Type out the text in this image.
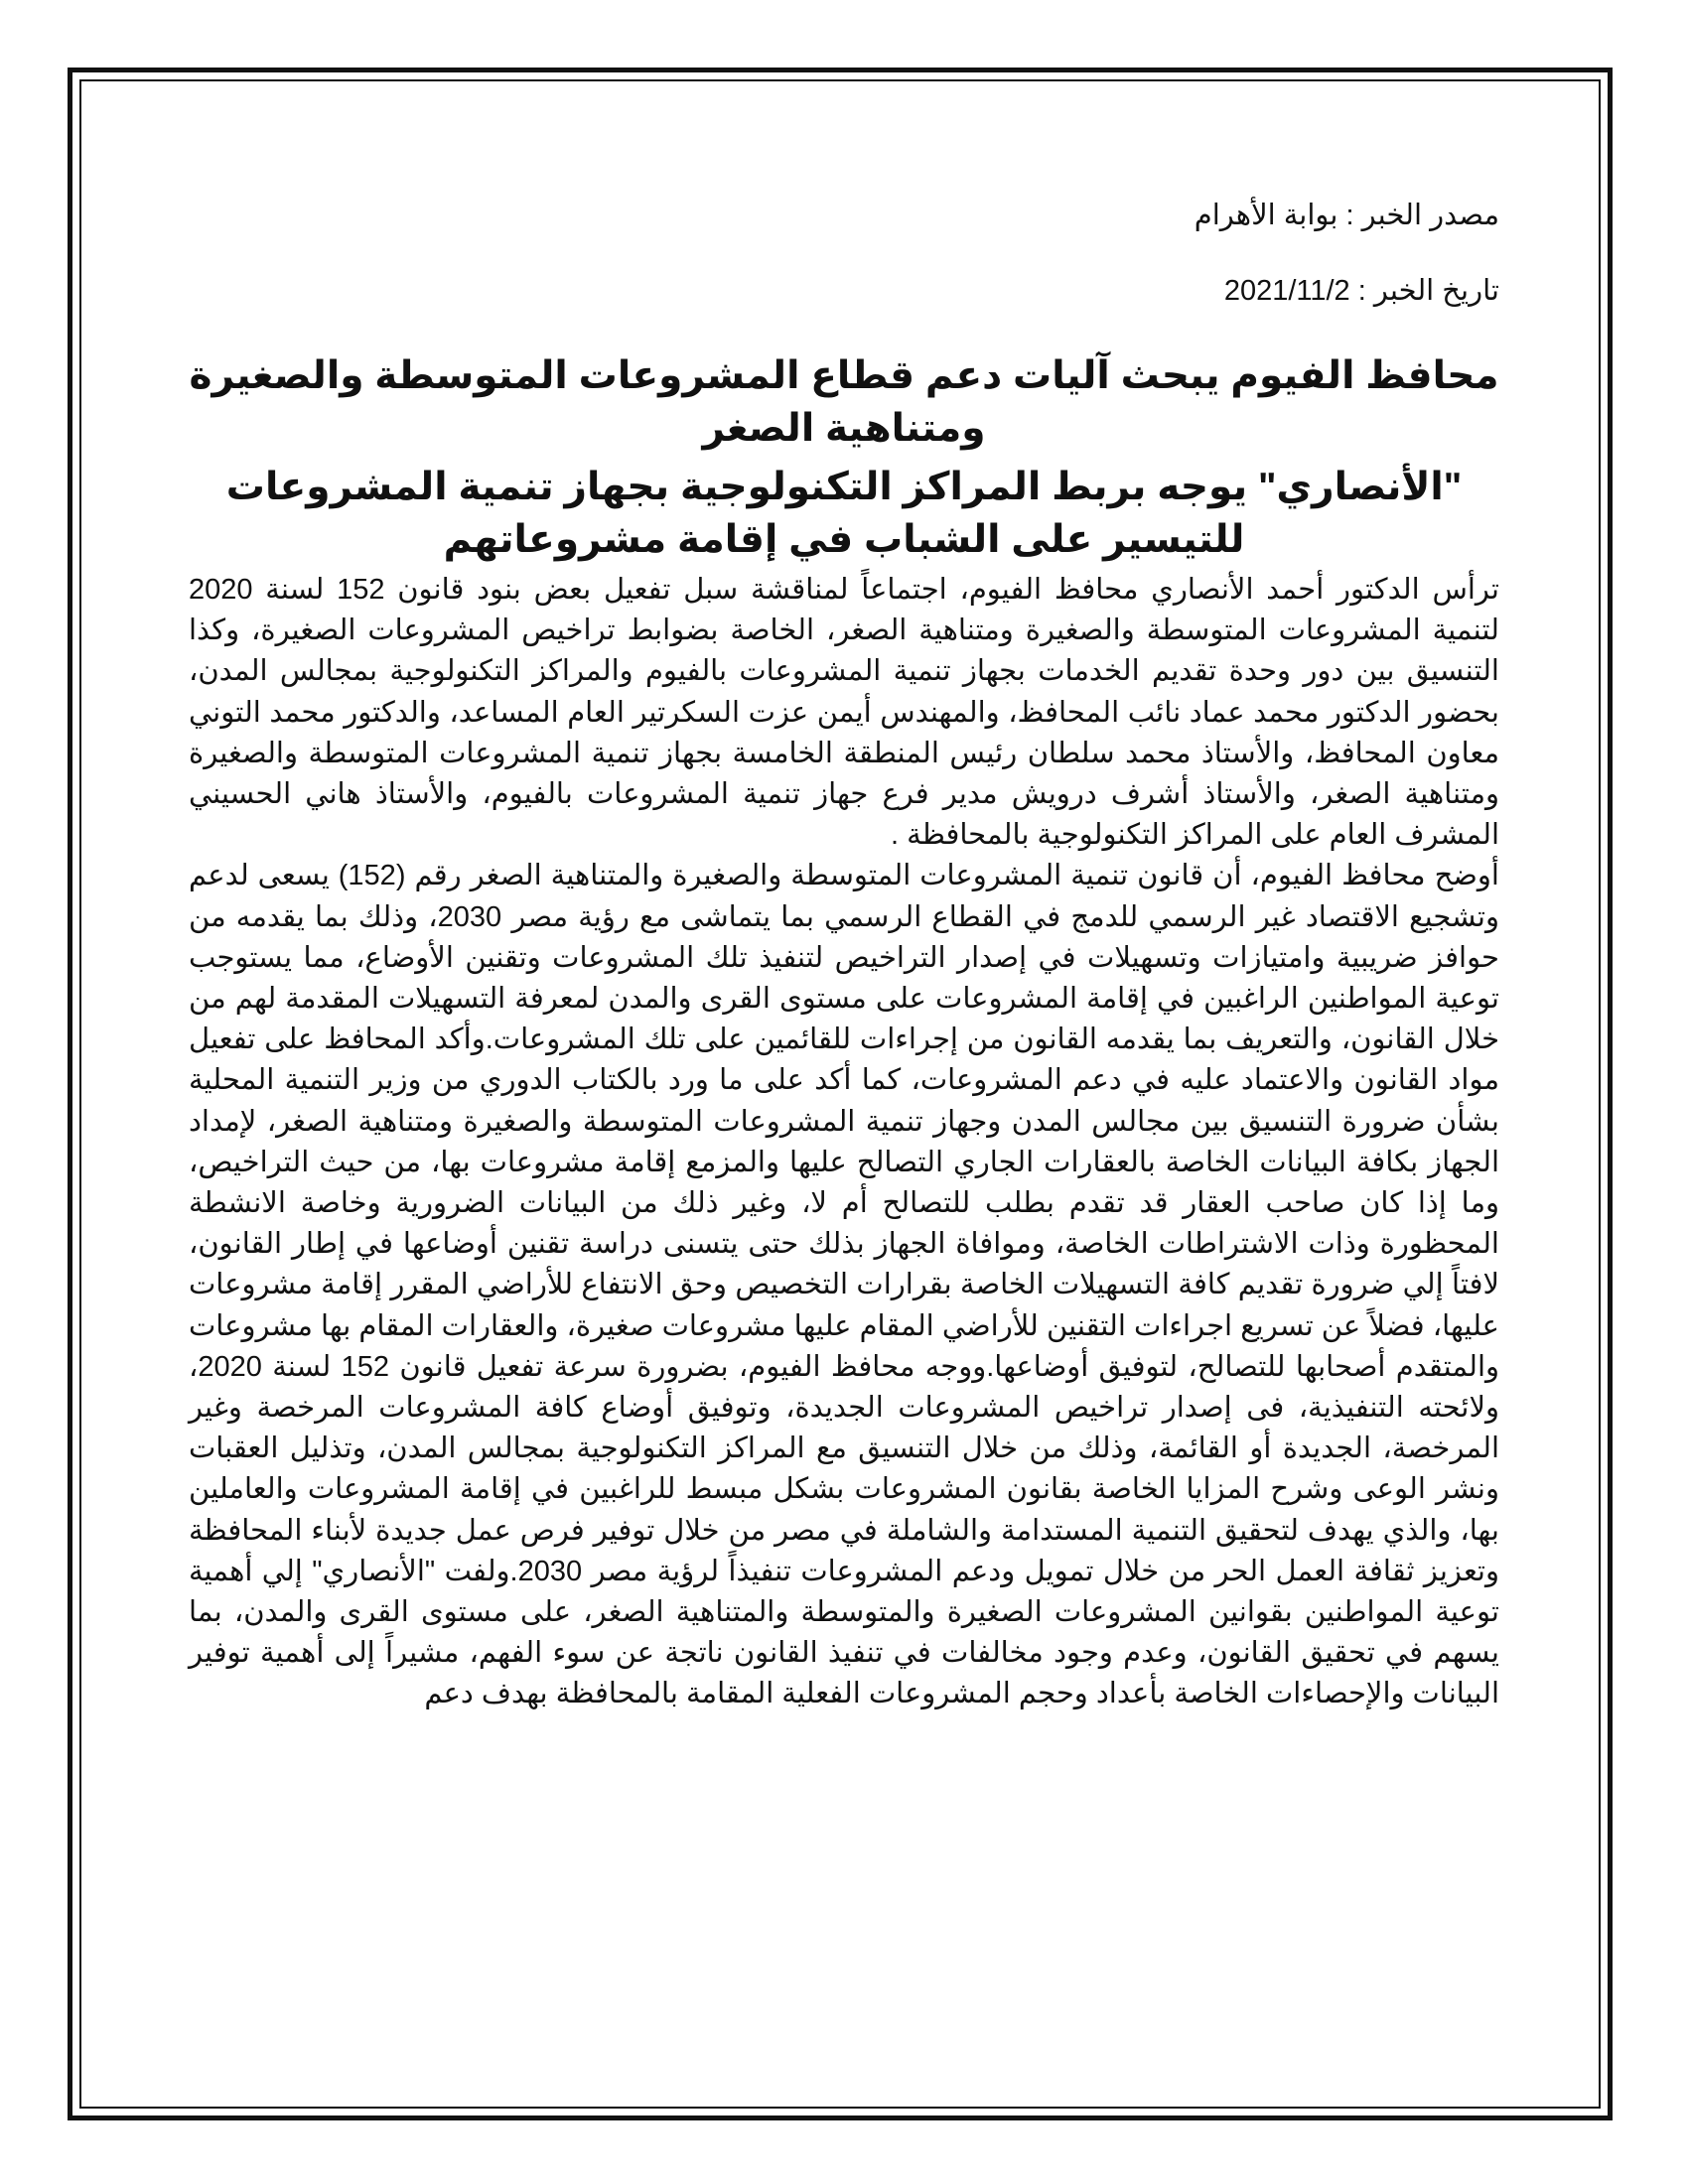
مصدر الخبر : بوابة الأهرام

تاريخ الخبر : 2021/11/2

محافظ الفيوم يبحث آليات دعم قطاع المشروعات المتوسطة والصغيرة ومتناهية الصغر
"الأنصاري" يوجه بربط المراكز التكنولوجية بجهاز تنمية المشروعات للتيسير على الشباب في إقامة مشروعاتهم

ترأس الدكتور أحمد الأنصاري محافظ الفيوم، اجتماعاً لمناقشة سبل تفعيل بعض بنود قانون 152 لسنة 2020 لتنمية المشروعات المتوسطة والصغيرة ومتناهية الصغر، الخاصة بضوابط تراخيص المشروعات الصغيرة، وكذا التنسيق بين دور وحدة تقديم الخدمات بجهاز تنمية المشروعات بالفيوم والمراكز التكنولوجية بمجالس المدن، بحضور الدكتور محمد عماد نائب المحافظ، والمهندس أيمن عزت السكرتير العام المساعد، والدكتور محمد التوني معاون المحافظ، والأستاذ محمد سلطان رئيس المنطقة الخامسة بجهاز تنمية المشروعات المتوسطة والصغيرة ومتناهية الصغر، والأستاذ أشرف درويش مدير فرع جهاز تنمية المشروعات بالفيوم، والأستاذ هاني الحسيني المشرف العام على المراكز التكنولوجية بالمحافظة .

أوضح محافظ الفيوم، أن قانون تنمية المشروعات المتوسطة والصغيرة والمتناهية الصغر رقم (152) يسعى لدعم وتشجيع الاقتصاد غير الرسمي للدمج في القطاع الرسمي بما يتماشى مع رؤية مصر 2030، وذلك بما يقدمه من حوافز ضريبية وامتيازات وتسهيلات في إصدار التراخيص لتنفيذ تلك المشروعات وتقنين الأوضاع، مما يستوجب توعية المواطنين الراغبين في إقامة المشروعات على مستوى القرى والمدن لمعرفة التسهيلات المقدمة لهم من خلال القانون، والتعريف بما يقدمه القانون من إجراءات للقائمين على تلك المشروعات.وأكد المحافظ على تفعيل مواد القانون والاعتماد عليه في دعم المشروعات، كما أكد على ما ورد بالكتاب الدوري من وزير التنمية المحلية بشأن ضرورة التنسيق بين مجالس المدن وجهاز تنمية المشروعات المتوسطة والصغيرة ومتناهية الصغر، لإمداد الجهاز بكافة البيانات الخاصة بالعقارات الجاري التصالح عليها والمزمع إقامة مشروعات بها، من حيث التراخيص، وما إذا كان صاحب العقار قد تقدم بطلب للتصالح أم لا، وغير ذلك من البيانات الضرورية وخاصة الانشطة المحظورة وذات الاشتراطات الخاصة، وموافاة الجهاز بذلك حتى يتسنى دراسة تقنين أوضاعها في إطار القانون، لافتاً إلي ضرورة تقديم كافة التسهيلات الخاصة بقرارات التخصيص وحق الانتفاع للأراضي المقرر إقامة مشروعات عليها، فضلاً عن تسريع اجراءات التقنين للأراضي المقام عليها مشروعات صغيرة، والعقارات المقام بها مشروعات والمتقدم أصحابها للتصالح، لتوفيق أوضاعها.ووجه محافظ الفيوم، بضرورة سرعة تفعيل قانون 152 لسنة 2020، ولائحته التنفيذية، فى إصدار تراخيص المشروعات الجديدة، وتوفيق أوضاع كافة المشروعات المرخصة وغير المرخصة، الجديدة أو القائمة، وذلك من خلال التنسيق مع المراكز التكنولوجية بمجالس المدن، وتذليل العقبات ونشر الوعى وشرح المزايا الخاصة بقانون المشروعات بشكل مبسط للراغبين في إقامة المشروعات والعاملين بها، والذي يهدف لتحقيق التنمية المستدامة والشاملة في مصر من خلال توفير فرص عمل جديدة لأبناء المحافظة وتعزيز ثقافة العمل الحر من خلال تمويل ودعم المشروعات تنفيذاً لرؤية مصر 2030.ولفت "الأنصاري" إلي أهمية توعية المواطنين بقوانين المشروعات الصغيرة والمتوسطة والمتناهية الصغر، على مستوى القرى والمدن، بما يسهم في تحقيق القانون، وعدم وجود مخالفات في تنفيذ القانون ناتجة عن سوء الفهم، مشيراً إلى أهمية توفير البيانات والإحصاءات الخاصة بأعداد وحجم المشروعات الفعلية المقامة بالمحافظة بهدف دعم
